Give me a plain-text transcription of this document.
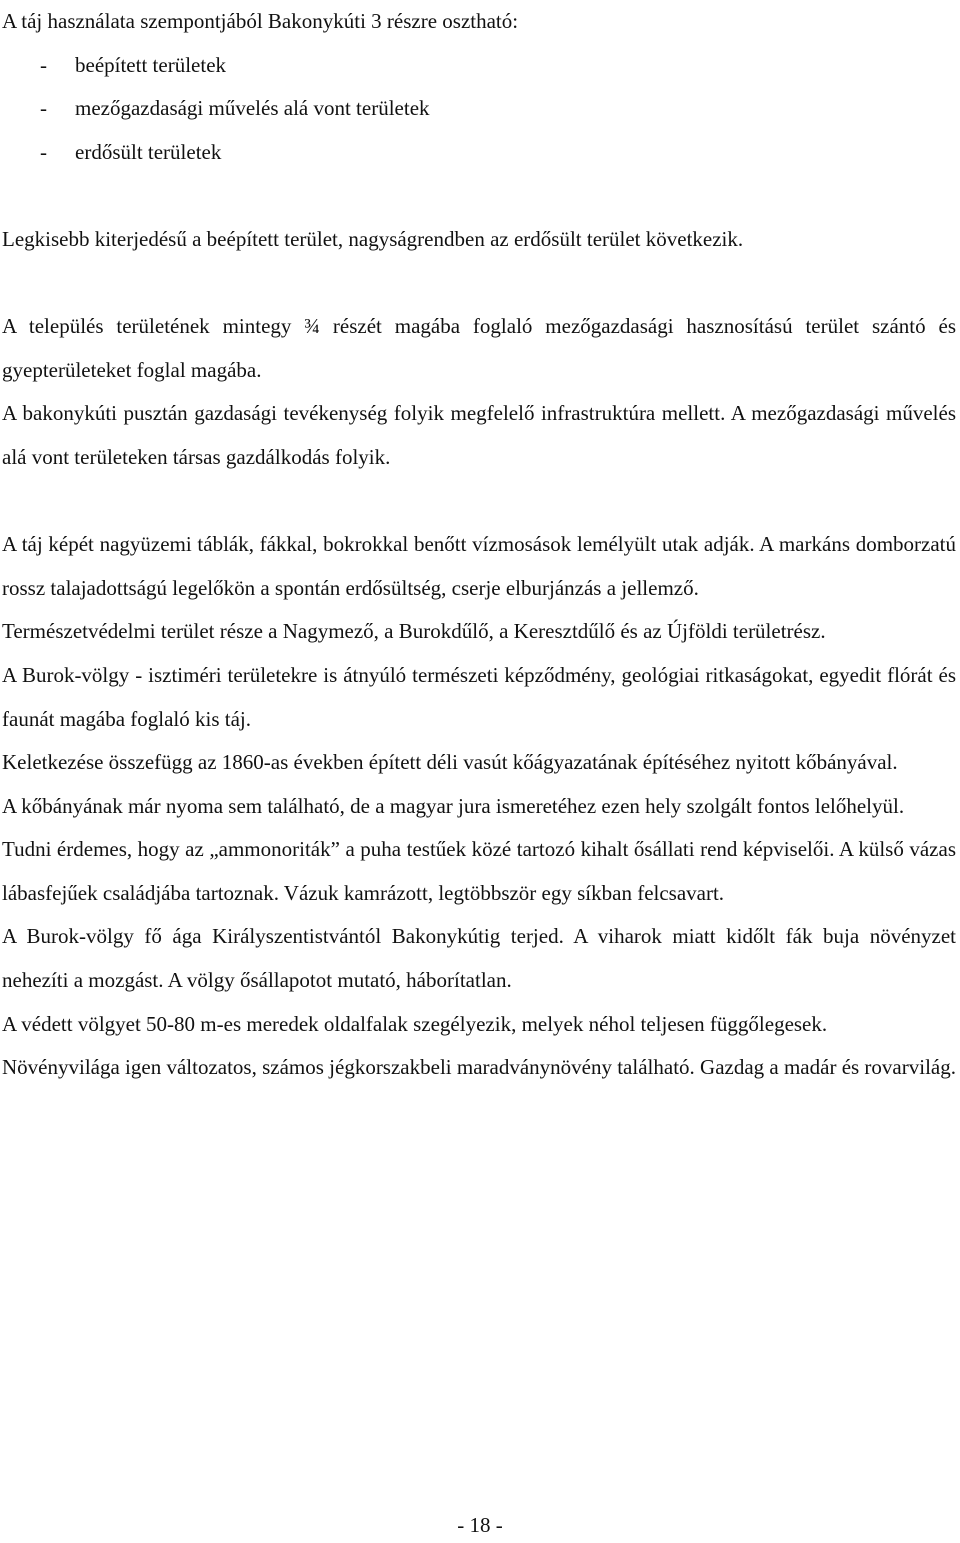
A táj használata szempontjából Bakonykúti 3 részre osztható:
- beépített területek
- mezőgazdasági művelés alá vont területek
- erdősült területek

Legkisebb kiterjedésű a beépített terület, nagyságrendben az erdősült terület következik.

A település területének mintegy ¾ részét magába foglaló mezőgazdasági hasznosítású terület szántó és gyepterületeket foglal magába.

A bakonykúti pusztán gazdasági tevékenység folyik megfelelő infrastruktúra mellett. A mezőgazdasági művelés alá vont területeken társas gazdálkodás folyik.

A táj képét nagyüzemi táblák, fákkal, bokrokkal benőtt vízmosások lemélyült utak adják. A markáns domborzatú rossz talajadottságú legelőkön a spontán erdősültség, cserje elburjánzás a jellemző.

Természetvédelmi terület része a Nagymező, a Burokdűlő, a Keresztdűlő és az Újföldi területrész.

A Burok-völgy - isztiméri területekre is átnyúló természeti képződmény, geológiai ritkaságokat, egyedit flórát és faunát magába foglaló kis táj.

Keletkezése összefügg az 1860-as években épített déli vasút kőágyazatának építéséhez nyitott kőbányával.

A kőbányának már nyoma sem található, de a magyar jura ismeretéhez ezen hely szolgált fontos lelőhelyül.

Tudni érdemes, hogy az „ammonoriták” a puha testűek közé tartozó kihalt ősállati rend képviselői. A külső vázas lábasfejűek családjába tartoznak. Vázuk kamrázott, legtöbbször egy síkban felcsavart.

A Burok-völgy fő ága Királyszentistvántól Bakonykútig terjed. A viharok miatt kidőlt fák buja növényzet nehezíti a mozgást. A völgy ősállapotot mutató, háborítatlan.

A védett völgyet 50-80 m-es meredek oldalfalak szegélyezik, melyek néhol teljesen függőlegesek.

Növényvilága igen változatos, számos jégkorszakbeli maradványnövény található. Gazdag a madár és rovarvilág.

- 18 -
